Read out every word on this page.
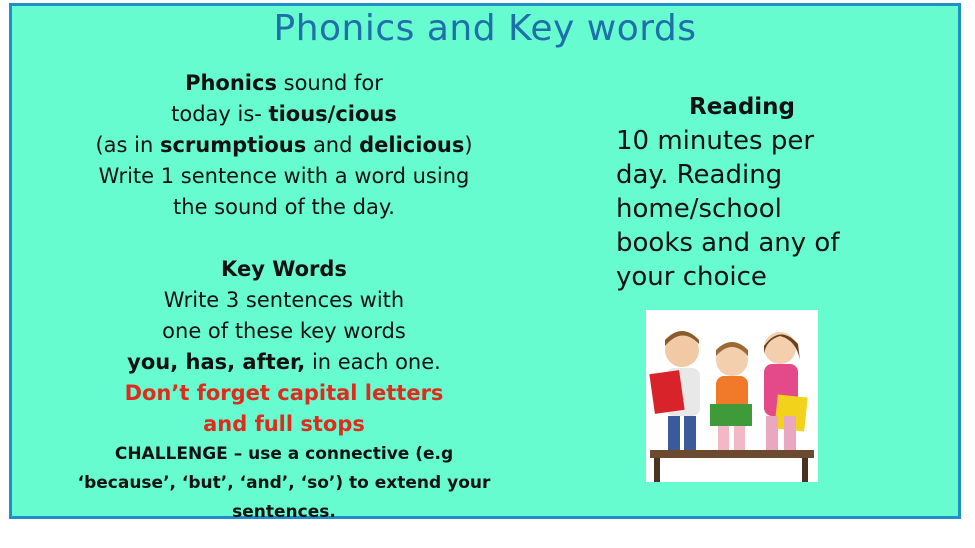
Phonics and Key words

Phonics sound for

today is- tious/cious

(as in scrumptious and delicious)

Write 1 sentence with a word using

the sound of the day.

Key Words

Write 3 sentences with

one of these key words

you, has, after, in each one.

Don’t forget capital letters

and full stops

CHALLENGE – use a connective (e.g

‘because’, ‘but’, ‘and’, ‘so’) to extend your

sentences.

Reading
10 minutes per
day. Reading
home/school
books and any of
your choice
